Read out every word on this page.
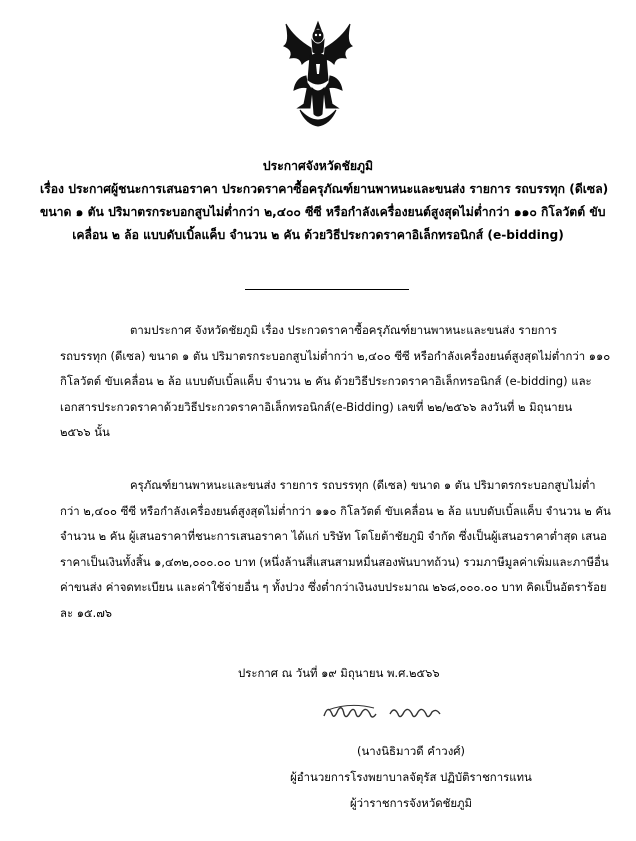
ประกาศจังหวัดชัยภูมิ
เรื่อง ประกาศผู้ชนะการเสนอราคา ประกวดราคาซื้อครุภัณฑ์ยานพาหนะและขนส่ง รายการ รถบรรทุก (ดีเซล)
ขนาด ๑ ตัน ปริมาตรกระบอกสูบไม่ต่ำกว่า ๒,๔๐๐ ซีซี หรือกำลังเครื่องยนต์สูงสุดไม่ต่ำกว่า ๑๑๐ กิโลวัตต์ ขับ
เคลื่อน ๒ ล้อ แบบดับเบิ้ลแค็บ จำนวน ๒ คัน ด้วยวิธีประกวดราคาอิเล็กทรอนิกส์ (e-bidding)
ตามประกาศ จังหวัดชัยภูมิ เรื่อง ประกวดราคาซื้อครุภัณฑ์ยานพาหนะและขนส่ง รายการ
รถบรรทุก (ดีเซล) ขนาด ๑ ตัน ปริมาตรกระบอกสูบไม่ต่ำกว่า ๒,๔๐๐ ซีซี หรือกำลังเครื่องยนต์สูงสุดไม่ต่ำกว่า ๑๑๐
กิโลวัตต์ ขับเคลื่อน ๒ ล้อ แบบดับเบิ้ลแค็บ จำนวน ๒ คัน ด้วยวิธีประกวดราคาอิเล็กทรอนิกส์ (e-bidding) และ
เอกสารประกวดราคาด้วยวิธีประกวดราคาอิเล็กทรอนิกส์(e-Bidding) เลขที่ ๒๒/๒๕๖๖ ลงวันที่ ๒ มิถุนายน
๒๕๖๖ นั้น
ครุภัณฑ์ยานพาหนะและขนส่ง รายการ รถบรรทุก (ดีเซล) ขนาด ๑ ตัน ปริมาตรกระบอกสูบไม่ต่ำ
กว่า ๒,๔๐๐ ซีซี หรือกำลังเครื่องยนต์สูงสุดไม่ต่ำกว่า ๑๑๐ กิโลวัตต์ ขับเคลื่อน ๒ ล้อ แบบดับเบิ้ลแค็บ จำนวน ๒ คัน
จำนวน ๒ คัน ผู้เสนอราคาที่ชนะการเสนอราคา ได้แก่ บริษัท โตโยต้าชัยภูมิ จำกัด ซึ่งเป็นผู้เสนอราคาต่ำสุด เสนอ
ราคาเป็นเงินทั้งสิ้น ๑,๔๓๒,๐๐๐.๐๐ บาท (หนึ่งล้านสี่แสนสามหมื่นสองพันบาทถ้วน) รวมภาษีมูลค่าเพิ่มและภาษีอื่น
ค่าขนส่ง ค่าจดทะเบียน และค่าใช้จ่ายอื่น ๆ ทั้งปวง ซึ่งต่ำกว่าเงินงบประมาณ ๒๖๘,๐๐๐.๐๐ บาท คิดเป็นอัตราร้อย
ละ ๑๕.๗๖
ประกาศ ณ วันที่ ๑๙ มิถุนายน พ.ศ.๒๕๖๖
(นางนิธิมาวดี คำวงศ์)
ผู้อำนวยการโรงพยาบาลจัตุรัส ปฏิบัติราชการแทน
ผู้ว่าราชการจังหวัดชัยภูมิ
